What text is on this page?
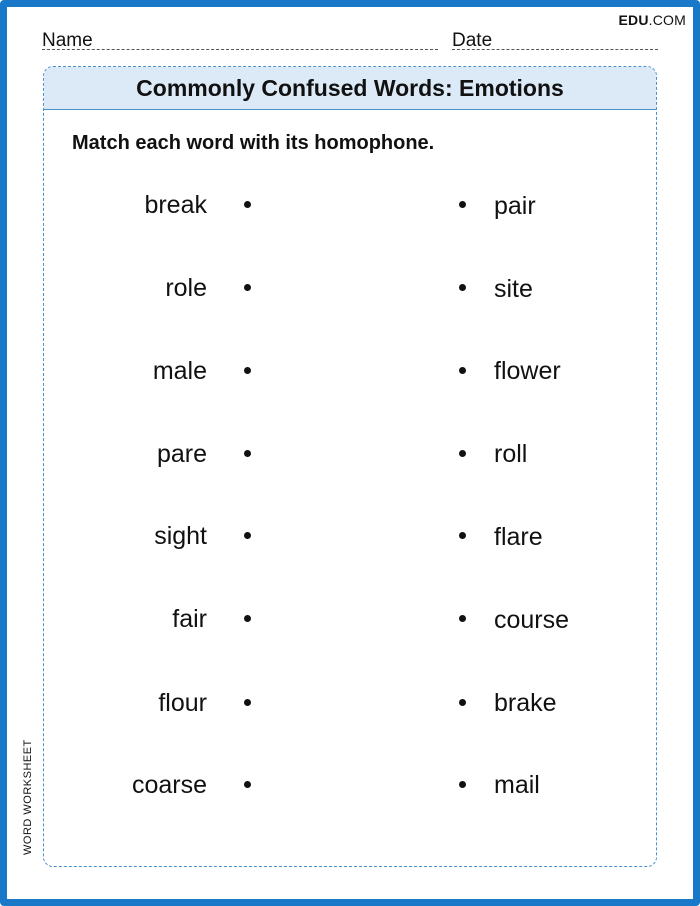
EDU.COM
Name	Date
Commonly Confused Words: Emotions
Match each word with its homophone.
break
role
male
pare
sight
fair
flour
coarse
pair
site
flower
roll
flare
course
brake
mail
WORD WORKSHEET
